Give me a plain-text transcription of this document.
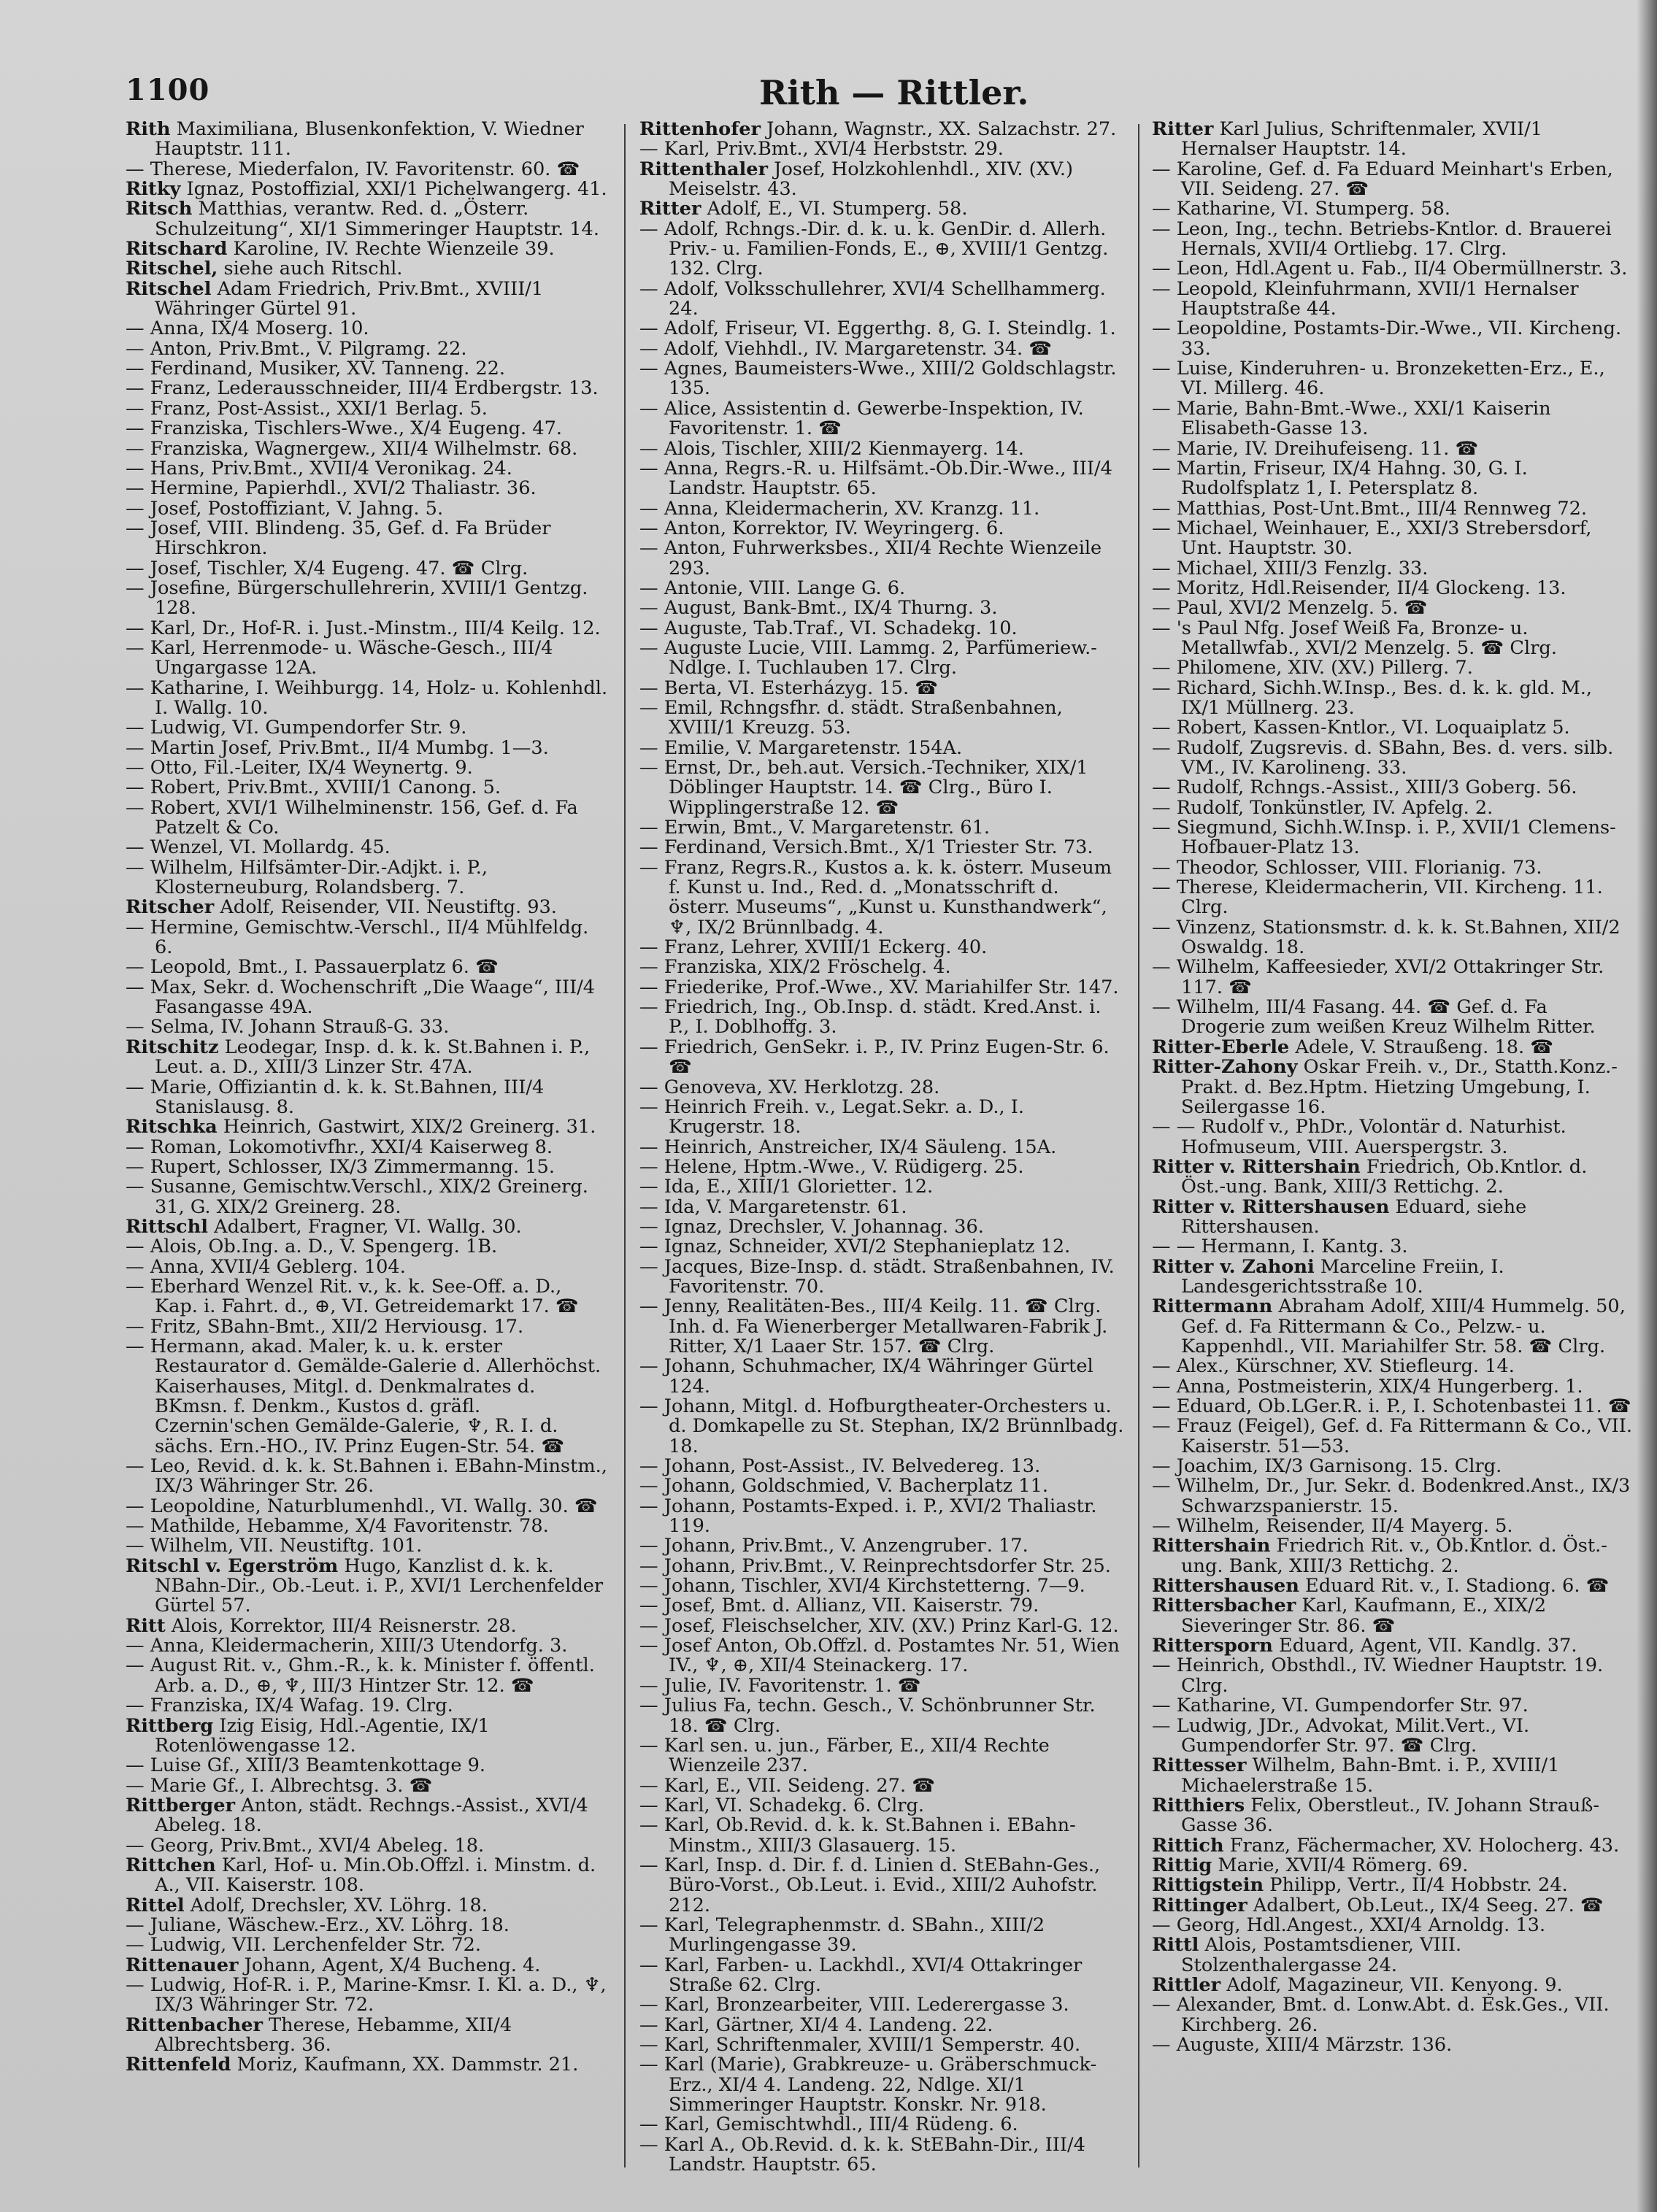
1100	Rith — Rittler.

Rith Maximiliana, Blusenkonfektion, V. Wiedner Hauptstr. 111.

— Therese, Miederfalon, IV. Favoritenstr. 60. ☎

Ritky Ignaz, Postoffizial, XXI/1 Pichelwangerg. 41.

Ritsch Matthias, verantw. Red. d. „Österr. Schulzeitung“, XI/1 Simmeringer Hauptstr. 14.

Ritschard Karoline, IV. Rechte Wienzeile 39.

Ritschel, siehe auch Ritschl.

Ritschel Adam Friedrich, Priv.Bmt., XVIII/1 Währinger Gürtel 91.

— Anna, IX/4 Moserg. 10.

— Anton, Priv.Bmt., V. Pilgramg. 22.

— Ferdinand, Musiker, XV. Tanneng. 22.

— Franz, Lederausschneider, III/4 Erdbergstr. 13.

— Franz, Post-Assist., XXI/1 Berlag. 5.

— Franziska, Tischlers-Wwe., X/4 Eugeng. 47.

— Franziska, Wagnergew., XII/4 Wilhelmstr. 68.

— Hans, Priv.Bmt., XVII/4 Veronikag. 24.

— Hermine, Papierhdl., XVI/2 Thaliastr. 36.

— Josef, Postoffiziant, V. Jahng. 5.

— Josef, VIII. Blindeng. 35, Gef. d. Fa Brüder Hirschkron.

— Josef, Tischler, X/4 Eugeng. 47. ☎ Clrg.

— Josefine, Bürgerschullehrerin, XVIII/1 Gentzg. 128.

— Karl, Dr., Hof-R. i. Just.-Minstm., III/4 Keilg. 12.

— Karl, Herrenmode- u. Wäsche-Gesch., III/4 Ungargasse 12A.

— Katharine, I. Weihburgg. 14, Holz- u. Kohlenhdl. I. Wallg. 10.

— Ludwig, VI. Gumpendorfer Str. 9.

— Martin Josef, Priv.Bmt., II/4 Mumbg. 1—3.

— Otto, Fil.-Leiter, IX/4 Weynertg. 9.

— Robert, Priv.Bmt., XVIII/1 Canong. 5.

— Robert, XVI/1 Wilhelminenstr. 156, Gef. d. Fa Patzelt & Co.

— Wenzel, VI. Mollardg. 45.

— Wilhelm, Hilfsämter-Dir.-Adjkt. i. P., Klosterneuburg, Rolandsberg. 7.

Ritscher Adolf, Reisender, VII. Neustiftg. 93.

— Hermine, Gemischtw.-Verschl., II/4 Mühlfeldg. 6.

— Leopold, Bmt., I. Passauerplatz 6. ☎

— Max, Sekr. d. Wochenschrift „Die Waage“, III/4 Fasangasse 49A.

— Selma, IV. Johann Strauß-G. 33.

Ritschitz Leodegar, Insp. d. k. k. St.Bahnen i. P., Leut. a. D., XIII/3 Linzer Str. 47A.

— Marie, Offiziantin d. k. k. St.Bahnen, III/4 Stanislausg. 8.

Ritschka Heinrich, Gastwirt, XIX/2 Greinerg. 31.

— Roman, Lokomotivfhr., XXI/4 Kaiserweg 8.

— Rupert, Schlosser, IX/3 Zimmermanng. 15.

— Susanne, Gemischtw.Verschl., XIX/2 Greinerg. 31, G. XIX/2 Greinerg. 28.

Rittschl Adalbert, Fragner, VI. Wallg. 30.

— Alois, Ob.Ing. a. D., V. Spengerg. 1B.

— Anna, XVII/4 Geblerg. 104.

— Eberhard Wenzel Rit. v., k. k. See-Off. a. D., Kap. i. Fahrt. d., ⊕, VI. Getreidemarkt 17. ☎

— Fritz, SBahn-Bmt., XII/2 Herviousg. 17.

— Hermann, akad. Maler, k. u. k. erster Restaurator d. Gemälde-Galerie d. Allerhöchst. Kaiserhauses, Mitgl. d. Denkmalrates d. BKmsn. f. Denkm., Kustos d. gräfl. Czernin'schen Gemälde-Galerie, ♆, R. I. d. sächs. Ern.-HO., IV. Prinz Eugen-Str. 54. ☎

— Leo, Revid. d. k. k. St.Bahnen i. EBahn-Minstm., IX/3 Währinger Str. 26.

— Leopoldine, Naturblumenhdl., VI. Wallg. 30. ☎

— Mathilde, Hebamme, X/4 Favoritenstr. 78.

— Wilhelm, VII. Neustiftg. 101.

Ritschl v. Egerström Hugo, Kanzlist d. k. k. NBahn-Dir., Ob.-Leut. i. P., XVI/1 Lerchenfelder Gürtel 57.

Ritt Alois, Korrektor, III/4 Reisnerstr. 28.

— Anna, Kleidermacherin, XIII/3 Utendorfg. 3.

— August Rit. v., Ghm.-R., k. k. Minister f. öffentl. Arb. a. D., ⊕, ♆, III/3 Hintzer Str. 12. ☎

— Franziska, IX/4 Wafag. 19. Clrg.

Rittberg Izig Eisig, Hdl.-Agentie, IX/1 Rotenlöwengasse 12.

— Luise Gf., XIII/3 Beamtenkottage 9.

— Marie Gf., I. Albrechtsg. 3. ☎

Rittberger Anton, städt. Rechngs.-Assist., XVI/4 Abeleg. 18.

— Georg, Priv.Bmt., XVI/4 Abeleg. 18.

Rittchen Karl, Hof- u. Min.Ob.Offzl. i. Minstm. d. A., VII. Kaiserstr. 108.

Rittel Adolf, Drechsler, XV. Löhrg. 18.

— Juliane, Wäschew.-Erz., XV. Löhrg. 18.

— Ludwig, VII. Lerchenfelder Str. 72.

Rittenauer Johann, Agent, X/4 Bucheng. 4.

— Ludwig, Hof-R. i. P., Marine-Kmsr. I. Kl. a. D., ♆, IX/3 Währinger Str. 72.

Rittenbacher Therese, Hebamme, XII/4 Albrechtsberg. 36.

Rittenfeld Moriz, Kaufmann, XX. Dammstr. 21.

Rittenhofer Johann, Wagnstr., XX. Salzachstr. 27.

— Karl, Priv.Bmt., XVI/4 Herbststr. 29.

Rittenthaler Josef, Holzkohlenhdl., XIV. (XV.) Meiselstr. 43.

Ritter Adolf, E., VI. Stumperg. 58.

— Adolf, Rchngs.-Dir. d. k. u. k. GenDir. d. Allerh. Priv.- u. Familien-Fonds, E., ⊕, XVIII/1 Gentzg. 132. Clrg.

— Adolf, Volksschullehrer, XVI/4 Schellhammerg. 24.

— Adolf, Friseur, VI. Eggerthg. 8, G. I. Steindlg. 1.

— Adolf, Viehhdl., IV. Margaretenstr. 34. ☎

— Agnes, Baumeisters-Wwe., XIII/2 Goldschlagstr. 135.

— Alice, Assistentin d. Gewerbe-Inspektion, IV. Favoritenstr. 1. ☎

— Alois, Tischler, XIII/2 Kienmayerg. 14.

— Anna, Regrs.-R. u. Hilfsämt.-Ob.Dir.-Wwe., III/4 Landstr. Hauptstr. 65.

— Anna, Kleidermacherin, XV. Kranzg. 11.

— Anton, Korrektor, IV. Weyringerg. 6.

— Anton, Fuhrwerksbes., XII/4 Rechte Wienzeile 293.

— Antonie, VIII. Lange G. 6.

— August, Bank-Bmt., IX/4 Thurng. 3.

— Auguste, Tab.Traf., VI. Schadekg. 10.

— Auguste Lucie, VIII. Lammg. 2, Parfümeriew.-Ndlge. I. Tuchlauben 17. Clrg.

— Berta, VI. Esterházyg. 15. ☎

— Emil, Rchngsfhr. d. städt. Straßenbahnen, XVIII/1 Kreuzg. 53.

— Emilie, V. Margaretenstr. 154A.

— Ernst, Dr., beh.aut. Versich.-Techniker, XIX/1 Döblinger Hauptstr. 14. ☎ Clrg., Büro I. Wipplingerstraße 12. ☎

— Erwin, Bmt., V. Margaretenstr. 61.

— Ferdinand, Versich.Bmt., X/1 Triester Str. 73.

— Franz, Regrs.R., Kustos a. k. k. österr. Museum f. Kunst u. Ind., Red. d. „Monatsschrift d. österr. Museums“, „Kunst u. Kunsthandwerk“, ♆, IX/2 Brünnlbadg. 4.

— Franz, Lehrer, XVIII/1 Eckerg. 40.

— Franziska, XIX/2 Fröschelg. 4.

— Friederike, Prof.-Wwe., XV. Mariahilfer Str. 147.

— Friedrich, Ing., Ob.Insp. d. städt. Kred.Anst. i. P., I. Doblhoffg. 3.

— Friedrich, GenSekr. i. P., IV. Prinz Eugen-Str. 6. ☎

— Genoveva, XV. Herklotzg. 28.

— Heinrich Freih. v., Legat.Sekr. a. D., I. Krugerstr. 18.

— Heinrich, Anstreicher, IX/4 Säuleng. 15A.

— Helene, Hptm.-Wwe., V. Rüdigerg. 25.

— Ida, E., XIII/1 Gloriettег. 12.

— Ida, V. Margaretenstr. 61.

— Ignaz, Drechsler, V. Johannag. 36.

— Ignaz, Schneider, XVI/2 Stephanieplatz 12.

— Jacques, Bize-Insp. d. städt. Straßenbahnen, IV. Favoritenstr. 70.

— Jenny, Realitäten-Bes., III/4 Keilg. 11. ☎ Clrg. Inh. d. Fa Wienerberger Metallwaren-Fabrik J. Ritter, X/1 Laaer Str. 157. ☎ Clrg.

— Johann, Schuhmacher, IX/4 Währinger Gürtel 124.

— Johann, Mitgl. d. Hofburgtheater-Orchesters u. d. Domkapelle zu St. Stephan, IX/2 Brünnlbadg. 18.

— Johann, Post-Assist., IV. Belvedereg. 13.

— Johann, Goldschmied, V. Bacherplatz 11.

— Johann, Postamts-Exped. i. P., XVI/2 Thaliastr. 119.

— Johann, Priv.Bmt., V. Anzengrubег. 17.

— Johann, Priv.Bmt., V. Reinprechtsdorfer Str. 25.

— Johann, Tischler, XVI/4 Kirchstetterng. 7—9.

— Josef, Bmt. d. Allianz, VII. Kaiserstr. 79.

— Josef, Fleischselcher, XIV. (XV.) Prinz Karl-G. 12.

— Josef Anton, Ob.Offzl. d. Postamtes Nr. 51, Wien IV., ♆, ⊕, XII/4 Steinackerg. 17.

— Julie, IV. Favoritenstr. 1. ☎

— Julius Fa, techn. Gesch., V. Schönbrunner Str. 18. ☎ Clrg.

— Karl sen. u. jun., Färber, E., XII/4 Rechte Wienzeile 237.

— Karl, E., VII. Seideng. 27. ☎

— Karl, VI. Schadekg. 6. Clrg.

— Karl, Ob.Revid. d. k. k. St.Bahnen i. EBahn-Minstm., XIII/3 Glasauerg. 15.

— Karl, Insp. d. Dir. f. d. Linien d. StEBahn-Ges., Büro-Vorst., Ob.Leut. i. Evid., XIII/2 Auhofstr. 212.

— Karl, Telegraphenmstr. d. SBahn., XIII/2 Murlingengasse 39.

— Karl, Farben- u. Lackhdl., XVI/4 Ottakringer Straße 62. Clrg.

— Karl, Bronzearbeiter, VIII. Lederergasse 3.

— Karl, Gärtner, XI/4 4. Landeng. 22.

— Karl, Schriftenmaler, XVIII/1 Semperstr. 40.

— Karl (Marie), Grabkreuze- u. Gräberschmuck-Erz., XI/4 4. Landeng. 22, Ndlge. XI/1 Simmeringer Hauptstr. Konskr. Nr. 918.

— Karl, Gemischtwhdl., III/4 Rüdeng. 6.

— Karl A., Ob.Revid. d. k. k. StEBahn-Dir., III/4 Landstr. Hauptstr. 65.

Ritter Karl Julius, Schriftenmaler, XVII/1 Hernalser Hauptstr. 14.

— Karoline, Gef. d. Fa Eduard Meinhart's Erben, VII. Seideng. 27. ☎

— Katharine, VI. Stumperg. 58.

— Leon, Ing., techn. Betriebs-Kntlor. d. Brauerei Hernals, XVII/4 Ortliebg. 17. Clrg.

— Leon, Hdl.Agent u. Fab., II/4 Obermüllnerstr. 3.

— Leopold, Kleinfuhrmann, XVII/1 Hernalser Hauptstraße 44.

— Leopoldine, Postamts-Dir.-Wwe., VII. Kircheng. 33.

— Luise, Kinderuhren- u. Bronzeketten-Erz., E., VI. Millerg. 46.

— Marie, Bahn-Bmt.-Wwe., XXI/1 Kaiserin Elisabeth-Gasse 13.

— Marie, IV. Dreihufeiseng. 11. ☎

— Martin, Friseur, IX/4 Hahng. 30, G. I. Rudolfsplatz 1, I. Petersplatz 8.

— Matthias, Post-Unt.Bmt., III/4 Rennweg 72.

— Michael, Weinhauer, E., XXI/3 Strebersdorf, Unt. Hauptstr. 30.

— Michael, XIII/3 Fenzlg. 33.

— Moritz, Hdl.Reisender, II/4 Glockeng. 13.

— Paul, XVI/2 Menzelg. 5. ☎

— 's Paul Nfg. Josef Weiß Fa, Bronze- u. Metallwfab., XVI/2 Menzelg. 5. ☎ Clrg.

— Philomene, XIV. (XV.) Pillerg. 7.

— Richard, Sichh.W.Insp., Bes. d. k. k. gld. M., IX/1 Müllnerg. 23.

— Robert, Kassen-Kntlor., VI. Loquaiplatz 5.

— Rudolf, Zugsrevis. d. SBahn, Bes. d. vers. silb. VM., IV. Karolineng. 33.

— Rudolf, Rchngs.-Assist., XIII/3 Goberg. 56.

— Rudolf, Tonkünstler, IV. Apfelg. 2.

— Siegmund, Sichh.W.Insp. i. P., XVII/1 Clemens-Hofbauer-Platz 13.

— Theodor, Schlosser, VIII. Florianig. 73.

— Therese, Kleidermacherin, VII. Kircheng. 11. Clrg.

— Vinzenz, Stationsmstr. d. k. k. St.Bahnen, XII/2 Oswaldg. 18.

— Wilhelm, Kaffeesieder, XVI/2 Ottakringer Str. 117. ☎

— Wilhelm, III/4 Fasang. 44. ☎ Gef. d. Fa Drogerie zum weißen Kreuz Wilhelm Ritter.

Ritter-Eberle Adele, V. Straußeng. 18. ☎

Ritter-Zahony Oskar Freih. v., Dr., Statth.Konz.-Prakt. d. Bez.Hptm. Hietzing Umgebung, I. Seilergasse 16.

— — Rudolf v., PhDr., Volontär d. Naturhist. Hofmuseum, VIII. Auerspergstr. 3.

Ritter v. Rittershain Friedrich, Ob.Kntlor. d. Öst.-ung. Bank, XIII/3 Rettichg. 2.

Ritter v. Rittershausen Eduard, siehe Rittershausen.

— — Hermann, I. Kantg. 3.

Ritter v. Zahoni Marceline Freiin, I. Landesgerichtsstraße 10.

Rittermann Abraham Adolf, XIII/4 Hummelg. 50, Gef. d. Fa Rittermann & Co., Pelzw.- u. Kappenhdl., VII. Mariahilfer Str. 58. ☎ Clrg.

— Alex., Kürschner, XV. Stiefleurg. 14.

— Anna, Postmeisterin, XIX/4 Hungerberg. 1.

— Eduard, Ob.LGer.R. i. P., I. Schotenbastei 11. ☎

— Frauz (Feigel), Gef. d. Fa Rittermann & Co., VII. Kaiserstr. 51—53.

— Joachim, IX/3 Garnisong. 15. Clrg.

— Wilhelm, Dr., Jur. Sekr. d. Bodenkred.Anst., IX/3 Schwarzspanierstr. 15.

— Wilhelm, Reisender, II/4 Mayerg. 5.

Rittershain Friedrich Rit. v., Ob.Kntlor. d. Öst.-ung. Bank, XIII/3 Rettichg. 2.

Rittershausen Eduard Rit. v., I. Stadiong. 6. ☎

Rittersbacher Karl, Kaufmann, E., XIX/2 Sieveringer Str. 86. ☎

Rittersporn Eduard, Agent, VII. Kandlg. 37.

— Heinrich, Obsthdl., IV. Wiedner Hauptstr. 19. Clrg.

— Katharine, VI. Gumpendorfer Str. 97.

— Ludwig, JDr., Advokat, Milit.Vert., VI. Gumpendorfer Str. 97. ☎ Clrg.

Rittesser Wilhelm, Bahn-Bmt. i. P., XVIII/1 Michaelerstraße 15.

Ritthiers Felix, Oberstleut., IV. Johann Strauß-Gasse 36.

Rittich Franz, Fächermacher, XV. Holocherg. 43.

Rittig Marie, XVII/4 Römerg. 69.

Rittigstein Philipp, Vertr., II/4 Hobbstr. 24.

Rittinger Adalbert, Ob.Leut., IX/4 Seeg. 27. ☎

— Georg, Hdl.Angest., XXI/4 Arnoldg. 13.

Rittl Alois, Postamtsdiener, VIII. Stolzenthalergasse 24.

Rittler Adolf, Magazineur, VII. Kenyong. 9.

— Alexander, Bmt. d. Lonw.Abt. d. Esk.Ges., VII. Kirchberg. 26.

— Auguste, XIII/4 Märzstr. 136.
